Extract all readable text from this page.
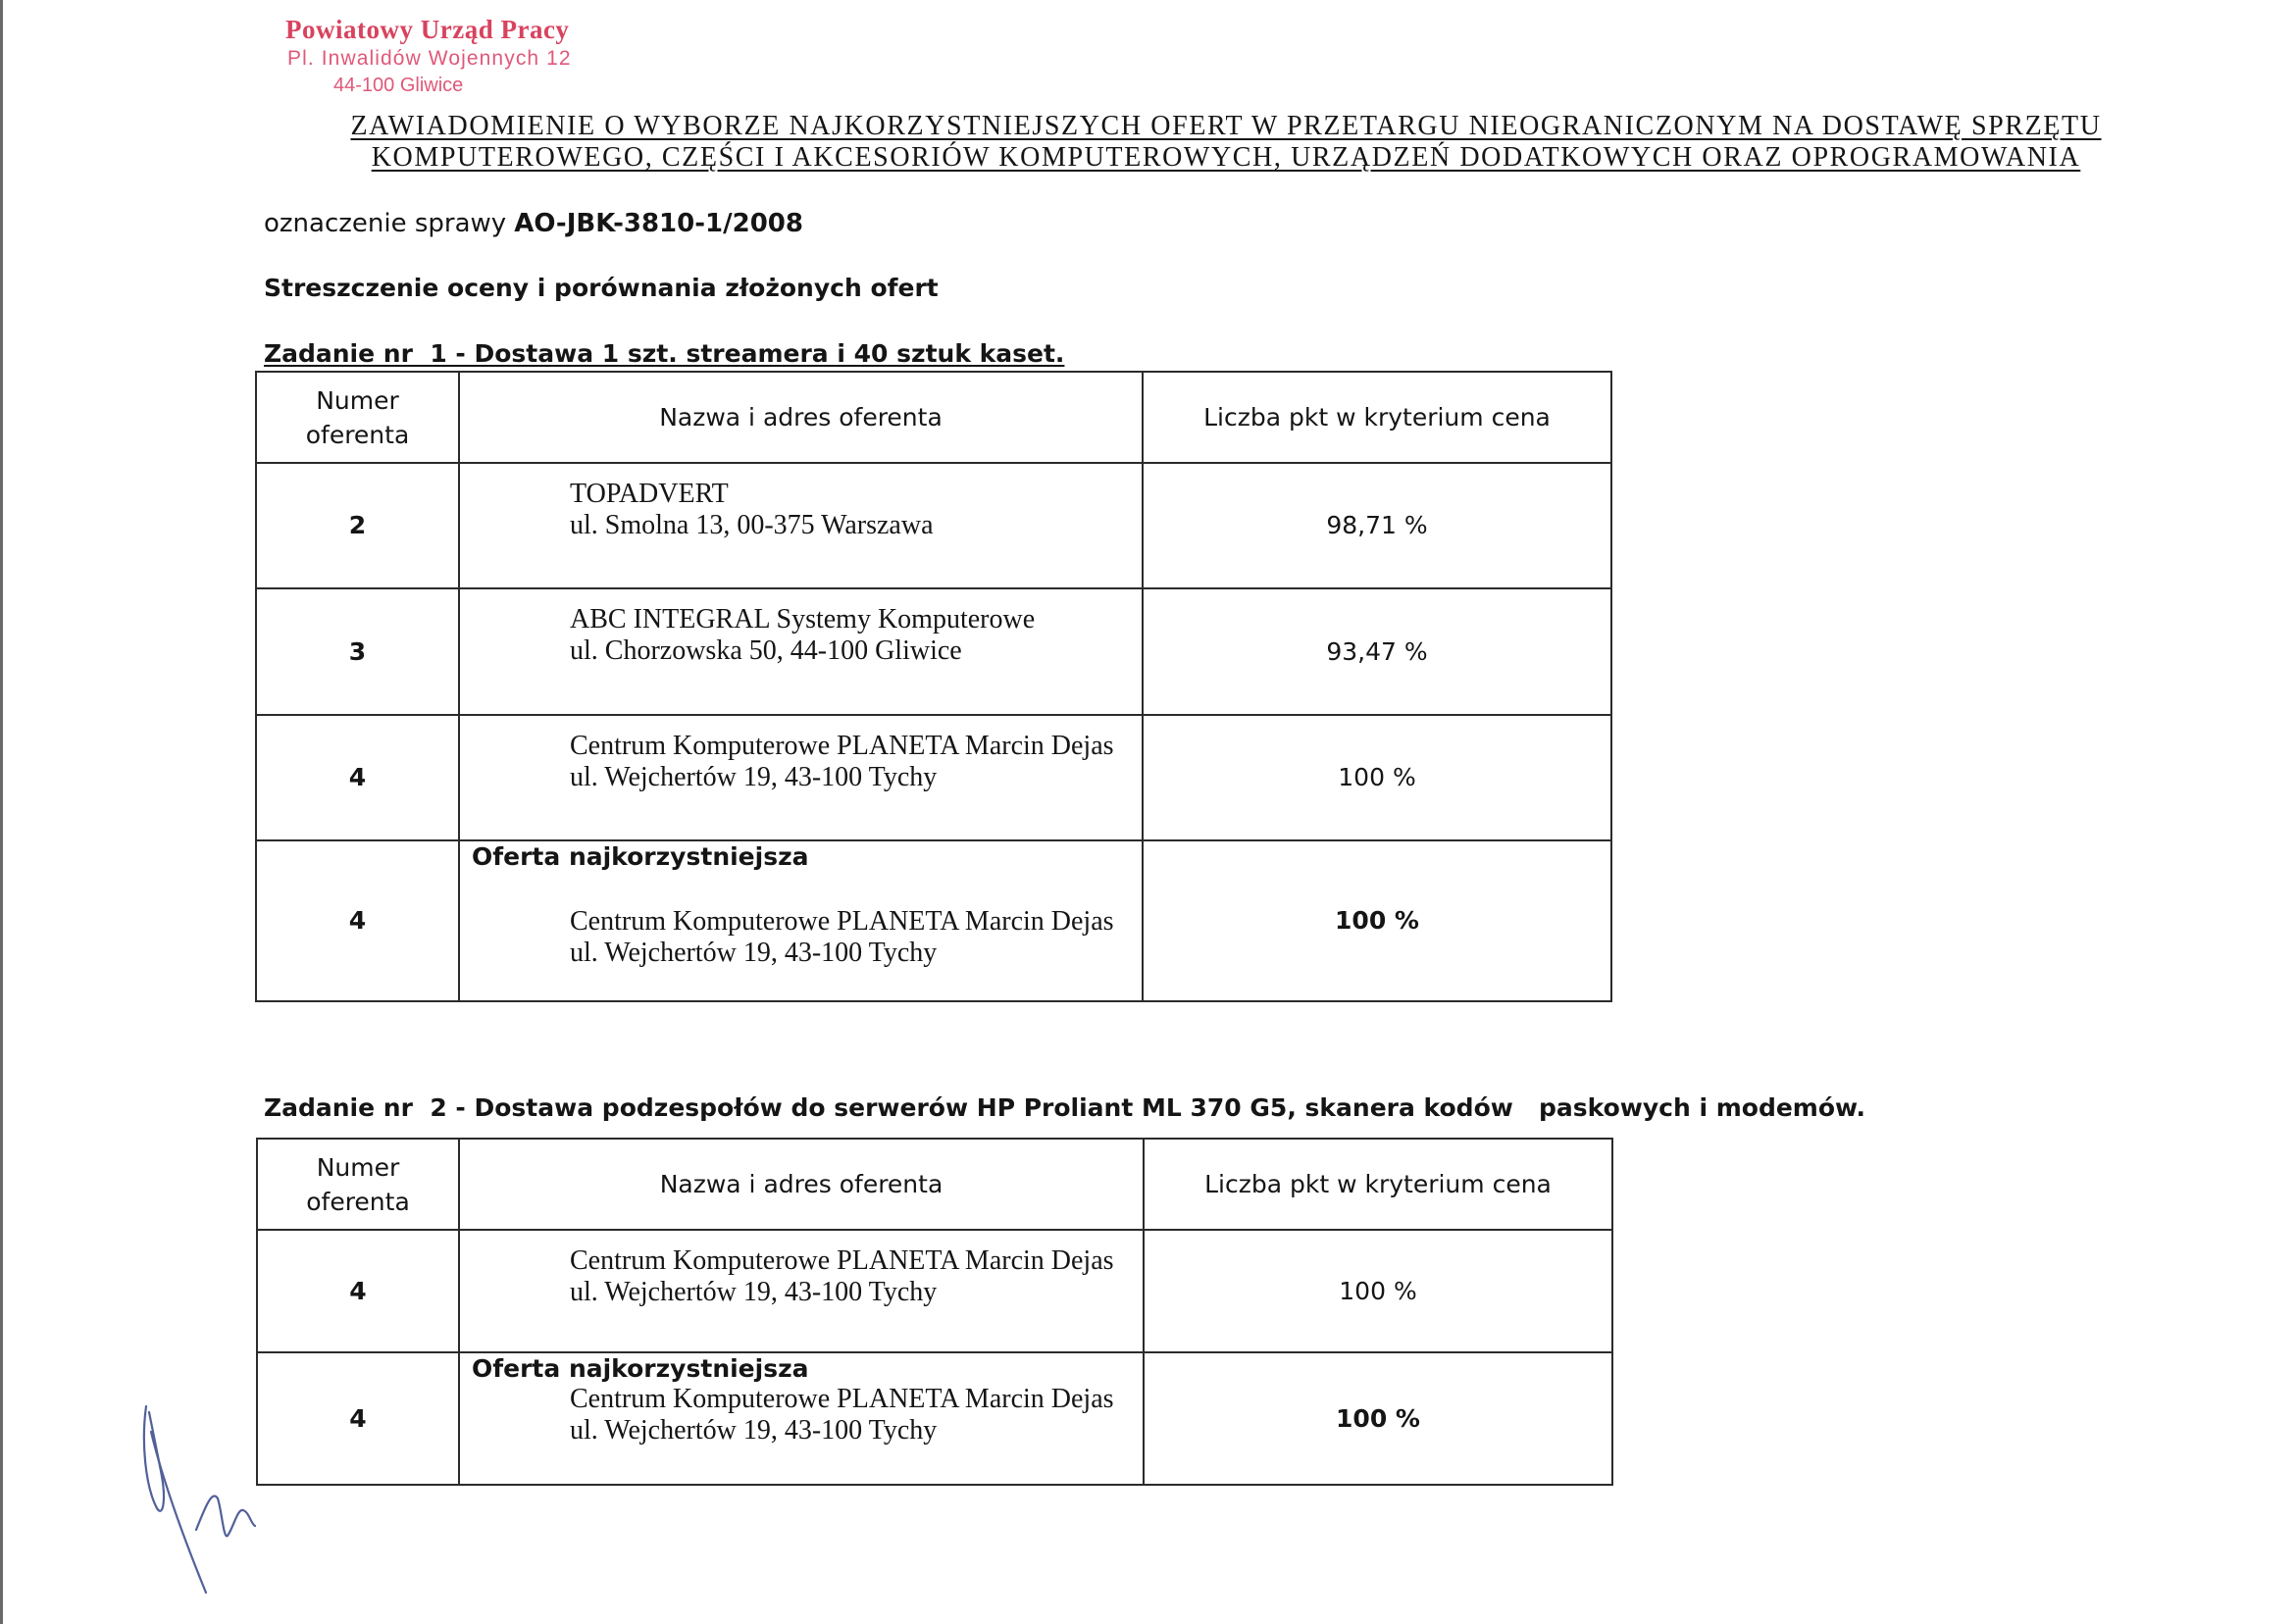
Powiatowy Urząd Pracy
Pl. Inwalidów Wojennych 12
44-100 Gliwice
ZAWIADOMIENIE O WYBORZE NAJKORZYSTNIEJSZYCH OFERT W PRZETARGU NIEOGRANICZONYM NA DOSTAWĘ SPRZĘTU
KOMPUTEROWEGO, CZĘŚCI I AKCESORIÓW KOMPUTEROWYCH, URZĄDZEŃ DODATKOWYCH ORAZ OPROGRAMOWANIA
oznaczenie sprawy AO-JBK-3810-1/2008
Streszczenie oceny i porównania złożonych ofert
Zadanie nr  1 - Dostawa 1 szt. streamera i 40 sztuk kaset.
Numer oferenta	Nazwa i adres oferenta	Liczba pkt w kryterium cena
2	TOPADVERT
ul. Smolna 13, 00-375 Warszawa	98,71 %
3	ABC INTEGRAL Systemy Komputerowe
ul. Chorzowska 50, 44-100 Gliwice	93,47 %
4	Centrum Komputerowe PLANETA Marcin Dejas
ul. Wejchertów 19, 43-100 Tychy	100 %
4	Oferta najkorzystniejsza
Centrum Komputerowe PLANETA Marcin Dejas
ul. Wejchertów 19, 43-100 Tychy	100 %
Zadanie nr  2 - Dostawa podzespołów do serwerów HP Proliant ML 370 G5, skanera kodów   paskowych i modemów.
Numer oferenta	Nazwa i adres oferenta	Liczba pkt w kryterium cena
4	Centrum Komputerowe PLANETA Marcin Dejas
ul. Wejchertów 19, 43-100 Tychy	100 %
4	Oferta najkorzystniejsza
Centrum Komputerowe PLANETA Marcin Dejas
ul. Wejchertów 19, 43-100 Tychy	100 %
